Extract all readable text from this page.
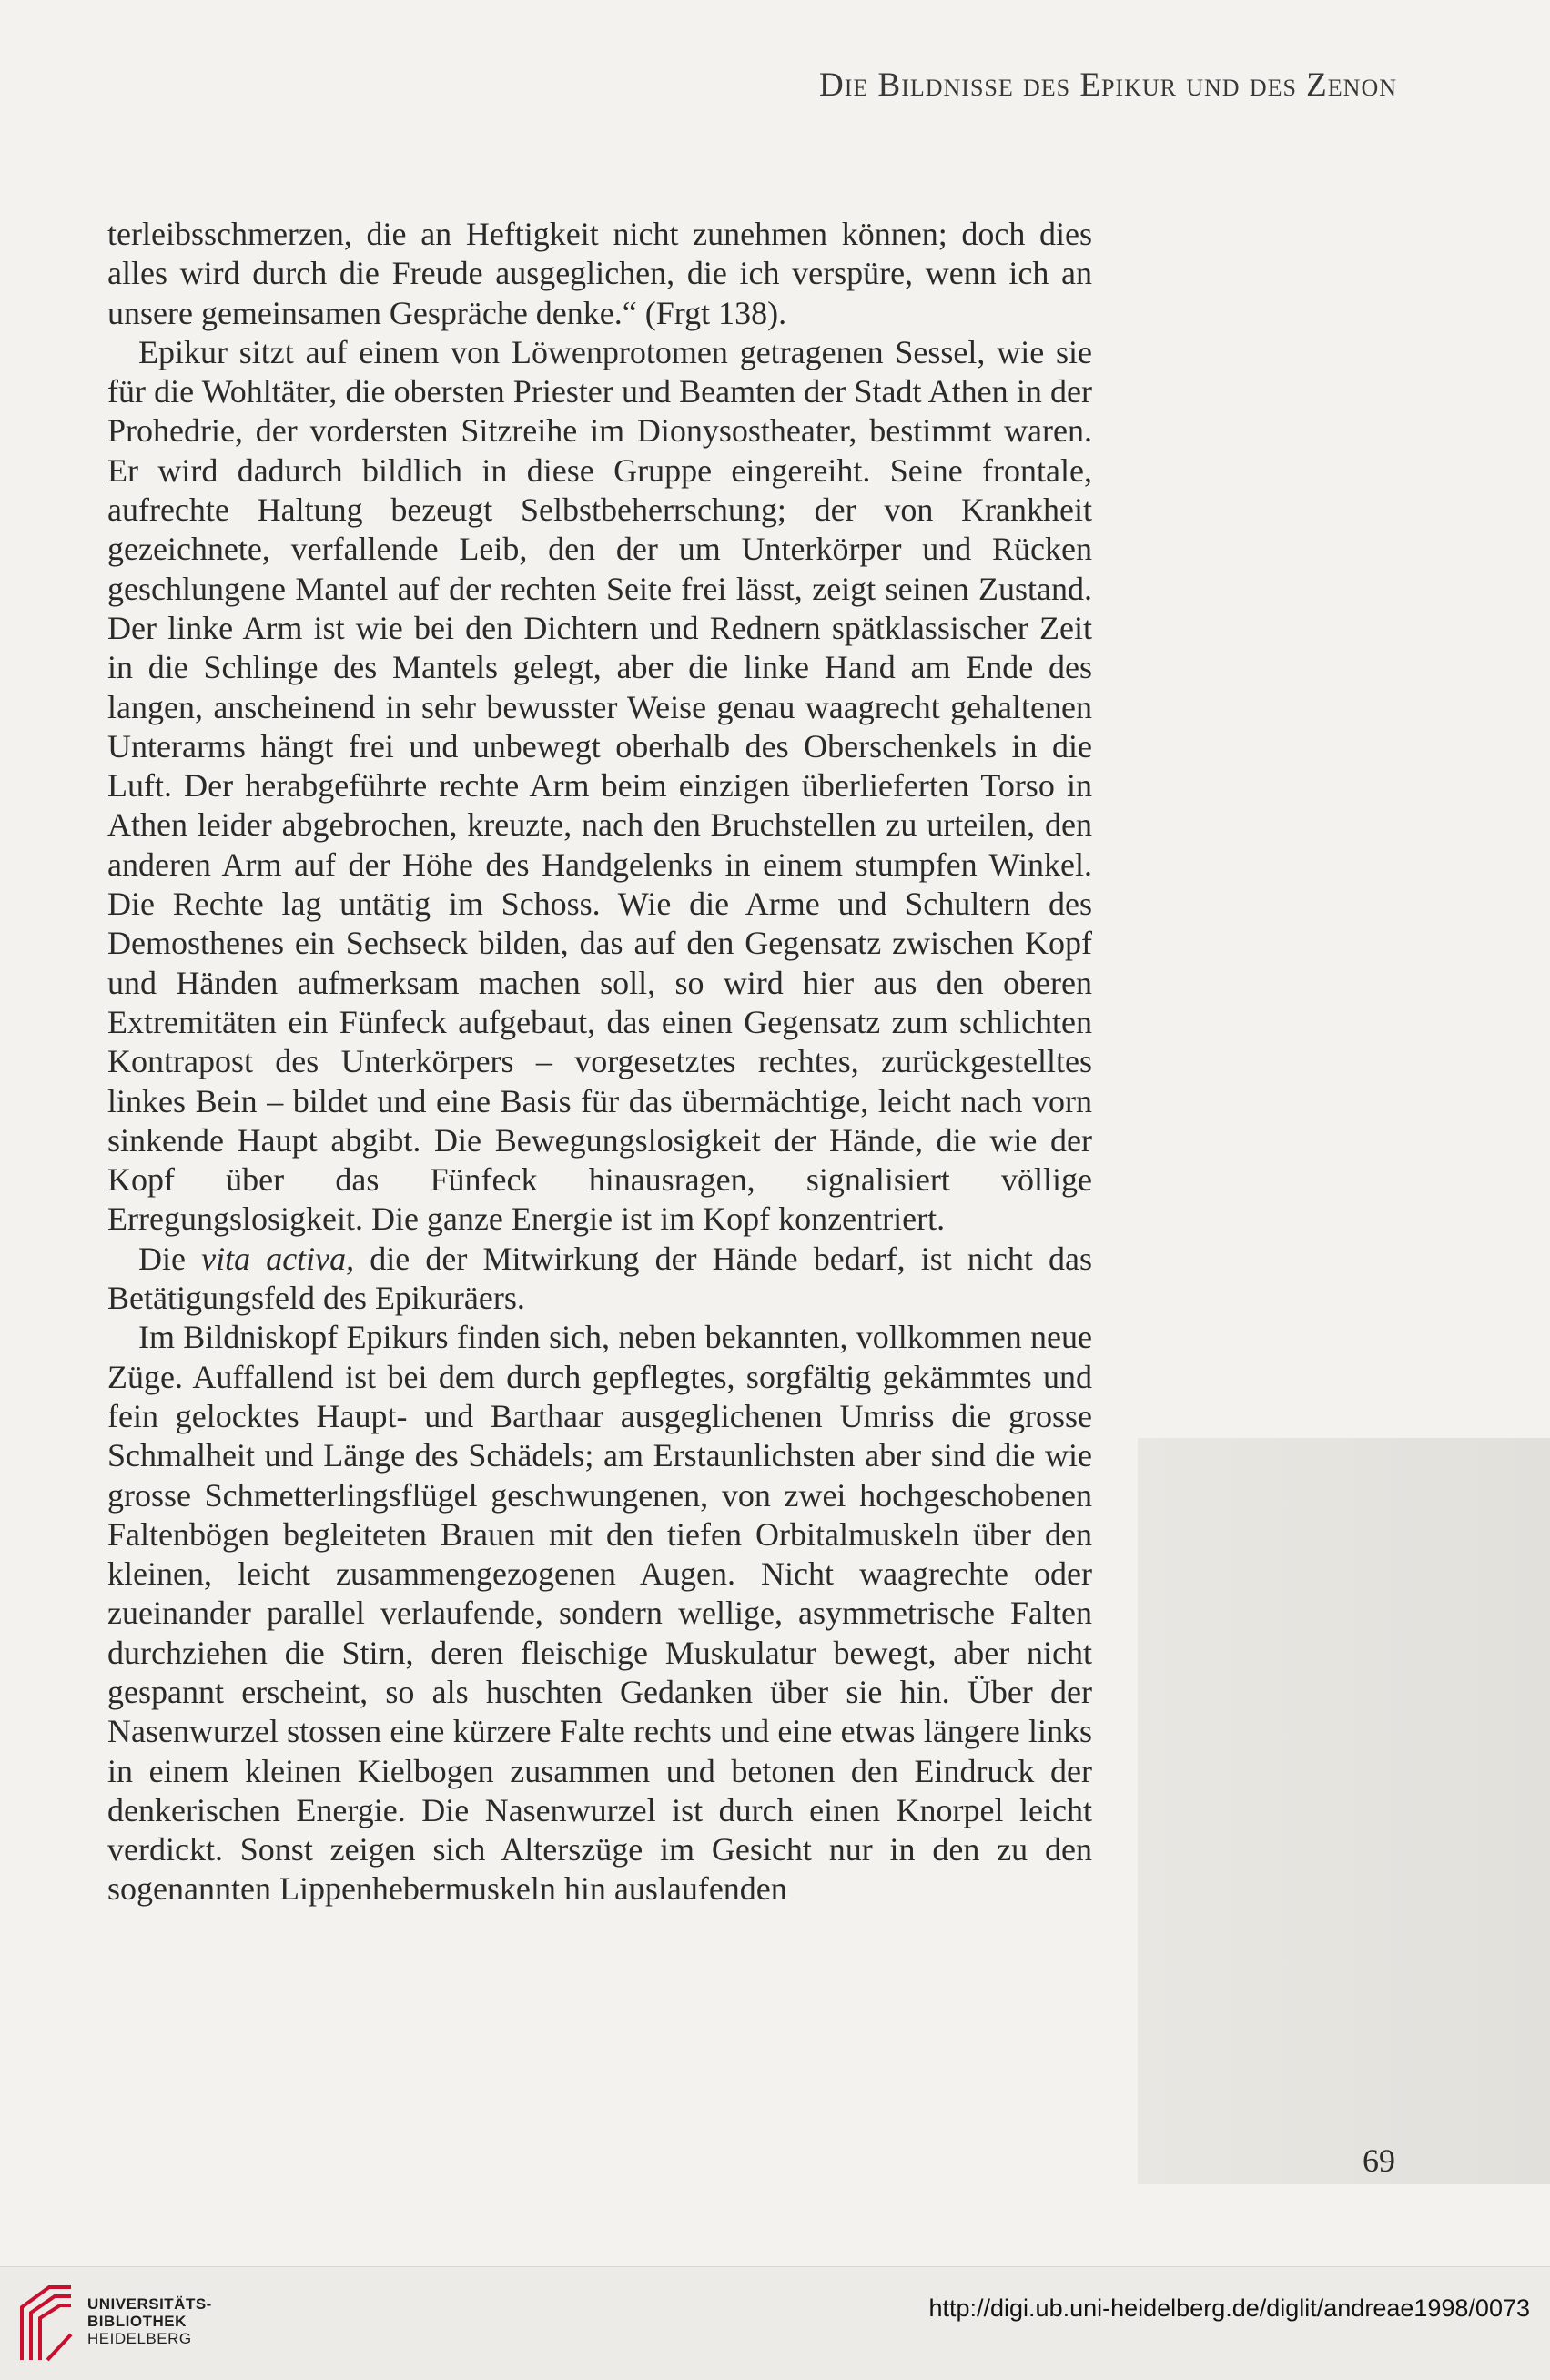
Die Bildnisse des Epikur und des Zenon

terleibsschmerzen, die an Heftigkeit nicht zunehmen können; doch dies alles wird durch die Freude ausgeglichen, die ich verspüre, wenn ich an unsere gemeinsamen Gespräche denke.“ (Frgt 138).

Epikur sitzt auf einem von Löwenprotomen getragenen Sessel, wie sie für die Wohltäter, die obersten Priester und Beamten der Stadt Athen in der Prohedrie, der vordersten Sitzreihe im Dionysostheater, bestimmt waren. Er wird dadurch bildlich in diese Gruppe eingereiht. Seine frontale, aufrechte Haltung bezeugt Selbstbeherrschung; der von Krankheit gezeichnete, verfallende Leib, den der um Unterkörper und Rücken geschlungene Mantel auf der rechten Seite frei lässt, zeigt seinen Zustand. Der linke Arm ist wie bei den Dichtern und Rednern spätklassischer Zeit in die Schlinge des Mantels gelegt, aber die linke Hand am Ende des langen, anscheinend in sehr bewusster Weise genau waagrecht gehaltenen Unterarms hängt frei und unbewegt oberhalb des Oberschenkels in die Luft. Der herabgeführte rechte Arm beim einzigen überlieferten Torso in Athen leider abgebrochen, kreuzte, nach den Bruchstellen zu urteilen, den anderen Arm auf der Höhe des Handgelenks in einem stumpfen Winkel. Die Rechte lag untätig im Schoss. Wie die Arme und Schultern des Demosthenes ein Sechseck bilden, das auf den Gegensatz zwischen Kopf und Händen aufmerksam machen soll, so wird hier aus den oberen Extremitäten ein Fünfeck aufgebaut, das einen Gegensatz zum schlichten Kontrapost des Unterkörpers – vorgesetztes rechtes, zurückgestelltes linkes Bein – bildet und eine Basis für das übermächtige, leicht nach vorn sinkende Haupt abgibt. Die Bewegungslosigkeit der Hände, die wie der Kopf über das Fünfeck hinausragen, signalisiert völlige Erregungslosigkeit. Die ganze Energie ist im Kopf konzentriert.

Die vita activa, die der Mitwirkung der Hände bedarf, ist nicht das Betätigungsfeld des Epikuräers.

Im Bildniskopf Epikurs finden sich, neben bekannten, vollkommen neue Züge. Auffallend ist bei dem durch gepflegtes, sorgfältig gekämmtes und fein gelocktes Haupt- und Barthaar ausgeglichenen Umriss die grosse Schmalheit und Länge des Schädels; am Erstaunlichsten aber sind die wie grosse Schmetterlingsflügel geschwungenen, von zwei hochgeschobenen Faltenbögen begleiteten Brauen mit den tiefen Orbitalmuskeln über den kleinen, leicht zusammengezogenen Augen. Nicht waagrechte oder zueinander parallel verlaufende, sondern wellige, asymmetrische Falten durchziehen die Stirn, deren fleischige Muskulatur bewegt, aber nicht gespannt erscheint, so als huschten Gedanken über sie hin. Über der Nasenwurzel stossen eine kürzere Falte rechts und eine etwas längere links in einem kleinen Kielbogen zusammen und betonen den Eindruck der denkerischen Energie. Die Nasenwurzel ist durch einen Knorpel leicht verdickt. Sonst zeigen sich Alterszüge im Gesicht nur in den zu den sogenannten Lippenhebermuskeln hin auslaufenden

69
UNIVERSITÄTS-
BIBLIOTHEK
HEIDELBERG
http://digi.ub.uni-heidelberg.de/diglit/andreae1998/0073
